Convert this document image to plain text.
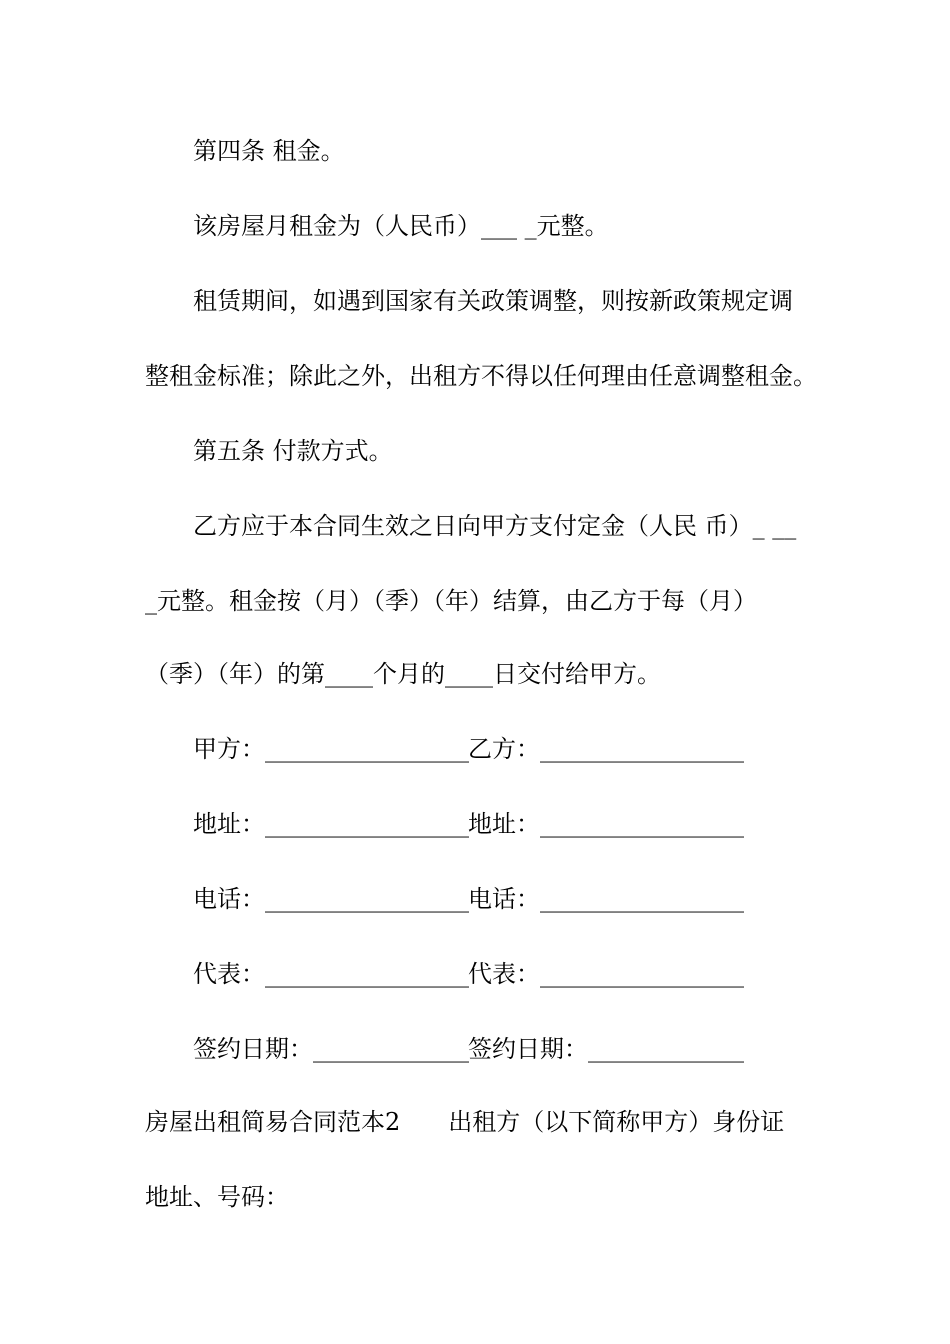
第四条 租金。
该房屋月租金为（人民币）___ _元整。
租赁期间，如遇到国家有关政策调整，则按新政策规定调
整租金标准；除此之外，出租方不得以任何理由任意调整租金。
第五条 付款方式。
乙方应于本合同生效之日向甲方支付定金（人民 币）_ __
_元整。租金按（月）（季）（年）结算，由乙方于每（月）
（季）（年）的第____个月的____日交付给甲方。
甲方：_________________ 乙方：_________________
地址：_________________ 地址：_________________
电话：_________________ 电话：_________________
代表：_________________ 代表：_________________
签约日期：_____________ 签约日期：_____________
房屋出租简易合同范本2　　出租方（以下简称甲方）身份证
地址、号码：
